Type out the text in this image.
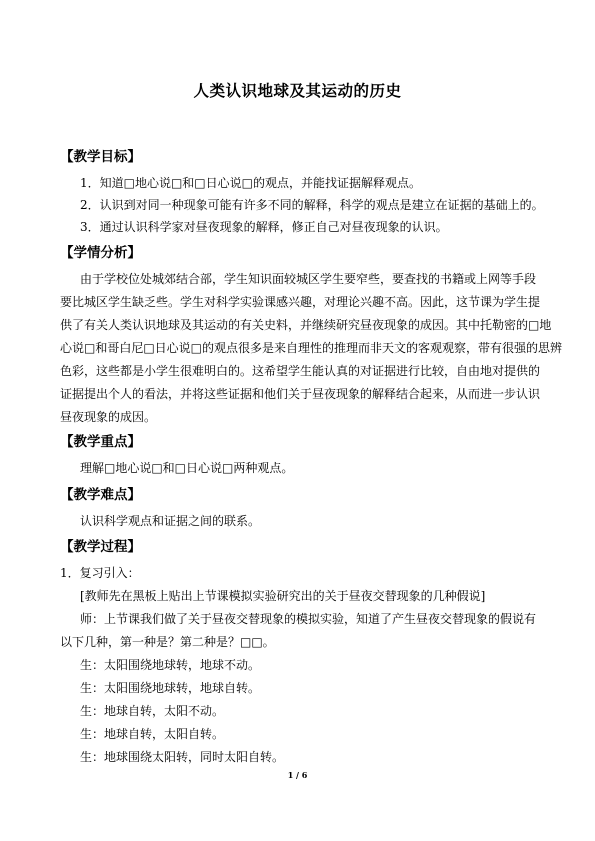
人类认识地球及其运动的历史
【教学目标】
1．知道□地心说□和□日心说□的观点，并能找证据解释观点。
2．认识到对同一种现象可能有许多不同的解释，科学的观点是建立在证据的基础上的。
3．通过认识科学家对昼夜现象的解释，修正自己对昼夜现象的认识。
【学情分析】
由于学校位处城郊结合部，学生知识面较城区学生要窄些，要查找的书籍或上网等手段
要比城区学生缺乏些。学生对科学实验课感兴趣，对理论兴趣不高。因此，这节课为学生提
供了有关人类认识地球及其运动的有关史料，并继续研究昼夜现象的成因。其中托勒密的□地
心说□和哥白尼□日心说□的观点很多是来自理性的推理而非天文的客观观察，带有很强的思辨
色彩，这些都是小学生很难明白的。这希望学生能认真的对证据进行比较，自由地对提供的
证据提出个人的看法，并将这些证据和他们关于昼夜现象的解释结合起来，从而进一步认识
昼夜现象的成因。
【教学重点】
理解□地心说□和□日心说□两种观点。
【教学难点】
认识科学观点和证据之间的联系。
【教学过程】
1．复习引入：
[教师先在黑板上贴出上节课模拟实验研究出的关于昼夜交替现象的几种假说]
师：上节课我们做了关于昼夜交替现象的模拟实验，知道了产生昼夜交替现象的假说有
以下几种，第一种是？第二种是？□□。
生：太阳围绕地球转，地球不动。
生：太阳围绕地球转，地球自转。
生：地球自转，太阳不动。
生：地球自转，太阳自转。
生：地球围绕太阳转，同时太阳自转。
1 / 6
